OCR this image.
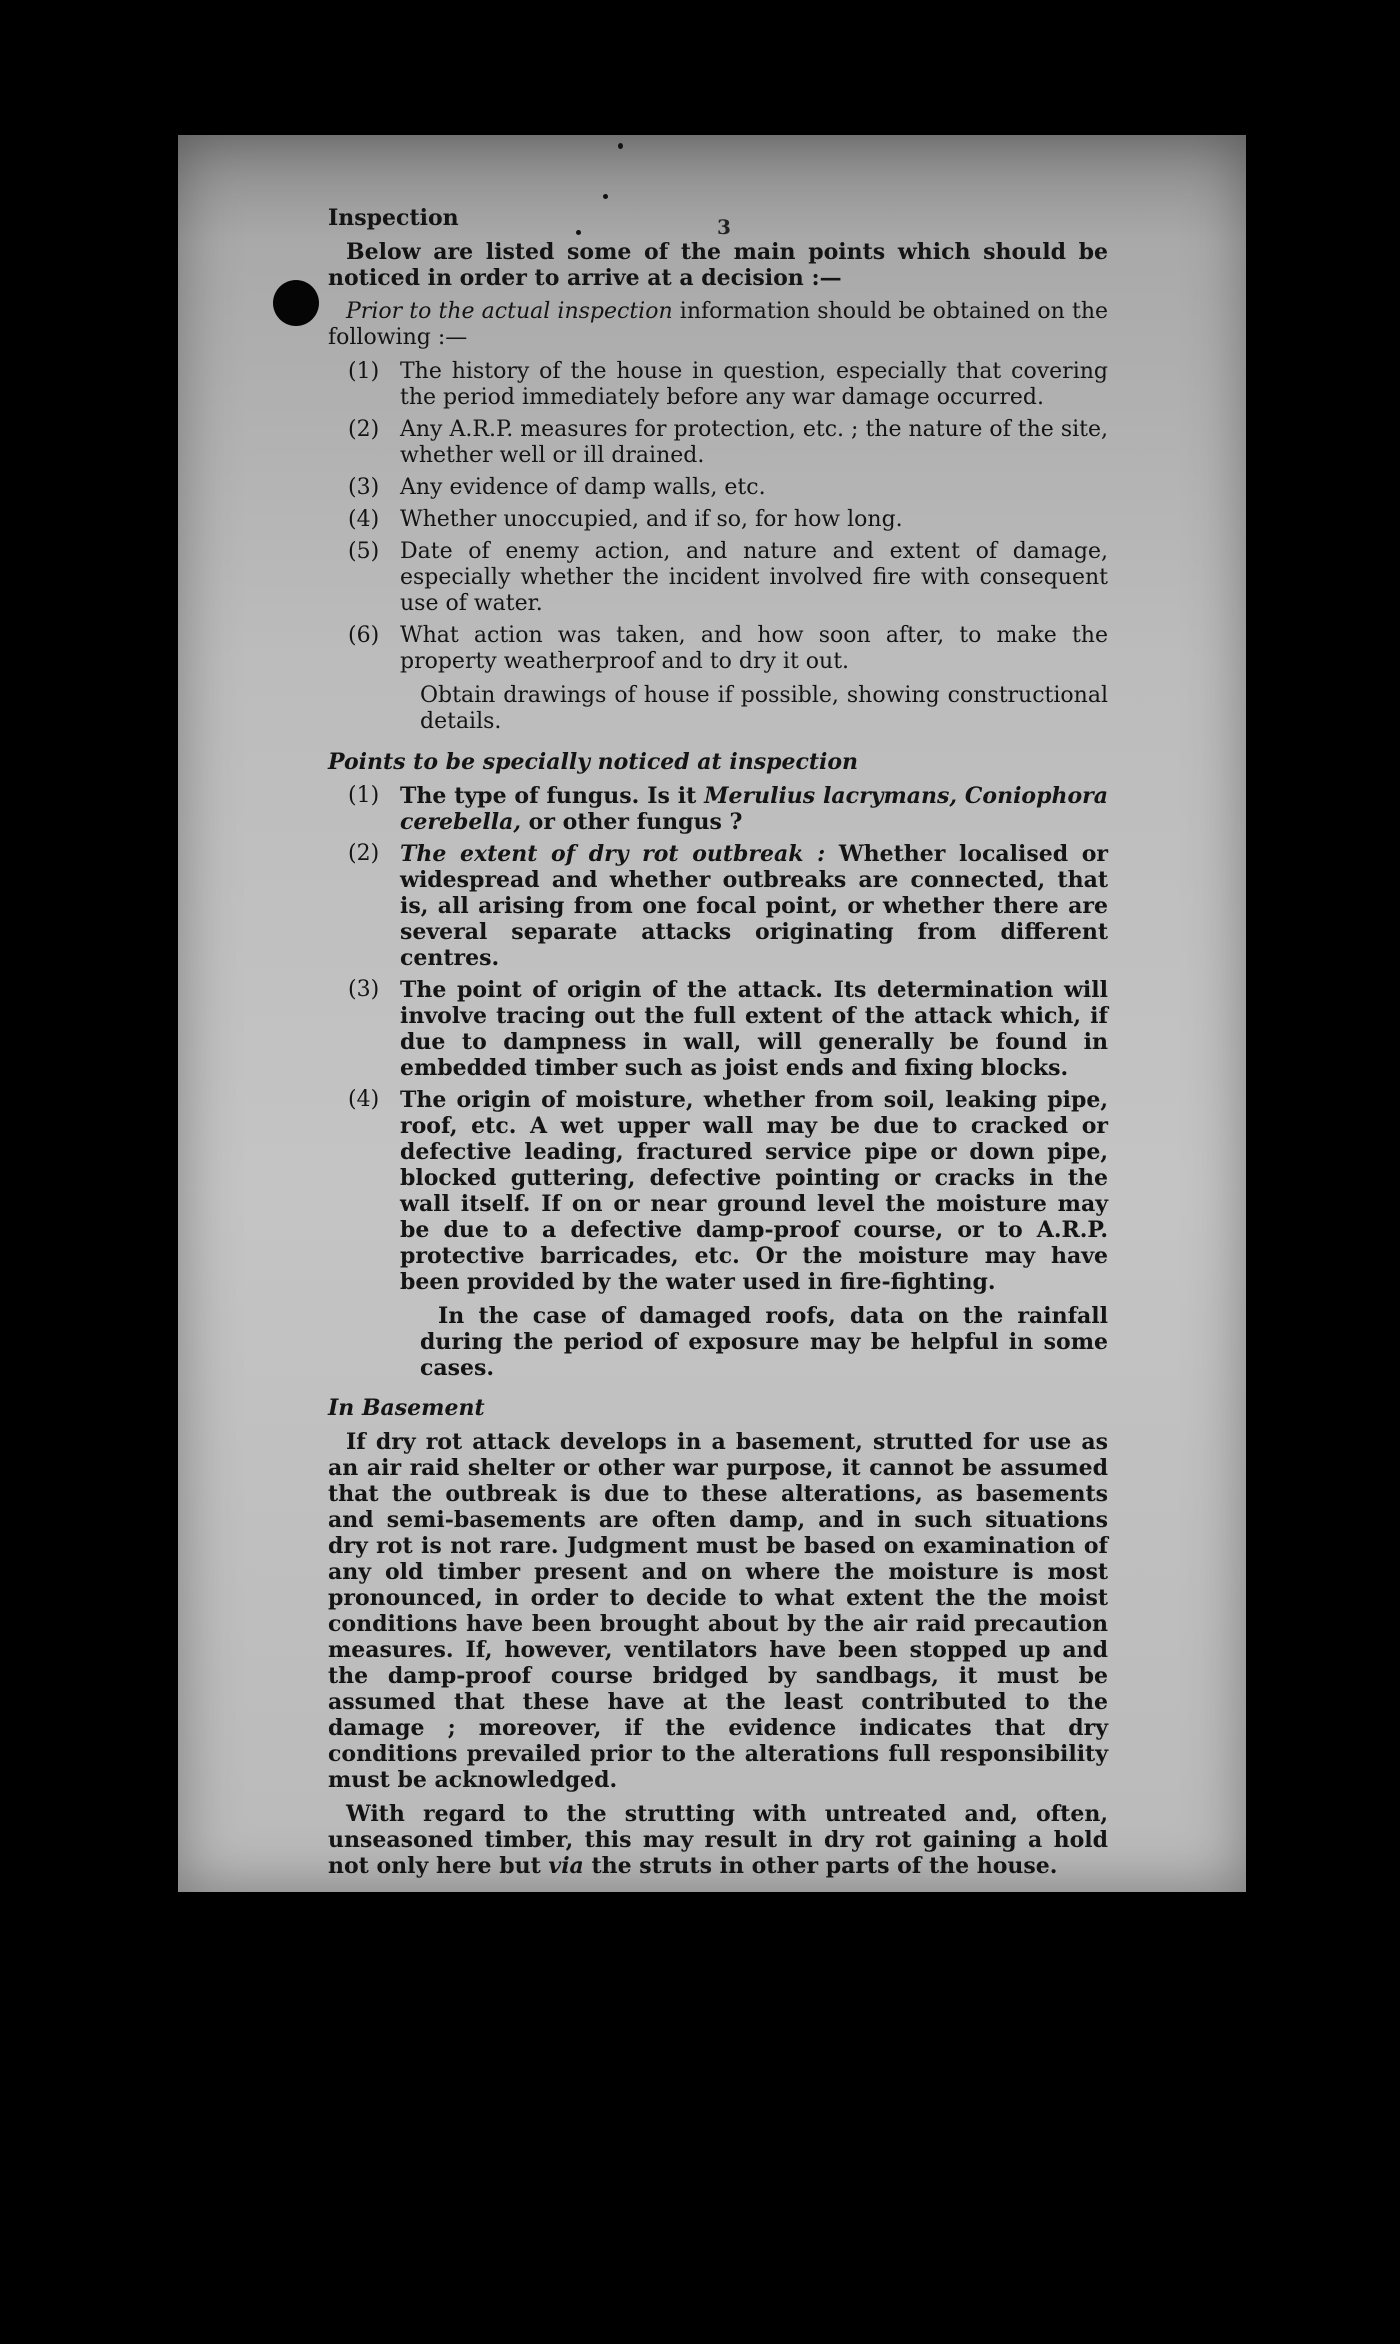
3
Inspection

Below are listed some of the main points which should be noticed in order to arrive at a decision :—

Prior to the actual inspection information should be obtained on the following :—

(1) The history of the house in question, especially that covering the period immediately before any war damage occurred.
(2) Any A.R.P. measures for protection, etc. ; the nature of the site, whether well or ill drained.
(3) Any evidence of damp walls, etc.
(4) Whether unoccupied, and if so, for how long.
(5) Date of enemy action, and nature and extent of damage, especially whether the incident involved fire with consequent use of water.
(6) What action was taken, and how soon after, to make the property weatherproof and to dry it out.

Obtain drawings of house if possible, showing constructional details.

Points to be specially noticed at inspection
(1) The type of fungus. Is it Merulius lacrymans, Coniophora cerebella, or other fungus ?
(2) The extent of dry rot outbreak : Whether localised or widespread and whether outbreaks are connected, that is, all arising from one focal point, or whether there are several separate attacks originating from different centres.
(3) The point of origin of the attack. Its determination will involve tracing out the full extent of the attack which, if due to dampness in wall, will generally be found in embedded timber such as joist ends and fixing blocks.
(4) The origin of moisture, whether from soil, leaking pipe, roof, etc. A wet upper wall may be due to cracked or defective leading, fractured service pipe or down pipe, blocked guttering, defective pointing or cracks in the wall itself. If on or near ground level the moisture may be due to a defective damp-proof course, or to A.R.P. protective barricades, etc. Or the moisture may have been provided by the water used in fire-fighting.

In the case of damaged roofs, data on the rainfall during the period of exposure may be helpful in some cases.

In Basement

If dry rot attack develops in a basement, strutted for use as an air raid shelter or other war purpose, it cannot be assumed that the outbreak is due to these alterations, as basements and semi-basements are often damp, and in such situations dry rot is not rare. Judgment must be based on examination of any old timber present and on where the moisture is most pronounced, in order to decide to what extent the the moist conditions have been brought about by the air raid precaution measures. If, however, ventilators have been stopped up and the damp-proof course bridged by sandbags, it must be assumed that these have at the least contributed to the damage ; moreover, if the evidence indicates that dry conditions prevailed prior to the alterations full responsibility must be acknowledged.

With regard to the strutting with untreated and, often, unseasoned timber, this may result in dry rot gaining a hold not only here but via the struts in other parts of the house.
